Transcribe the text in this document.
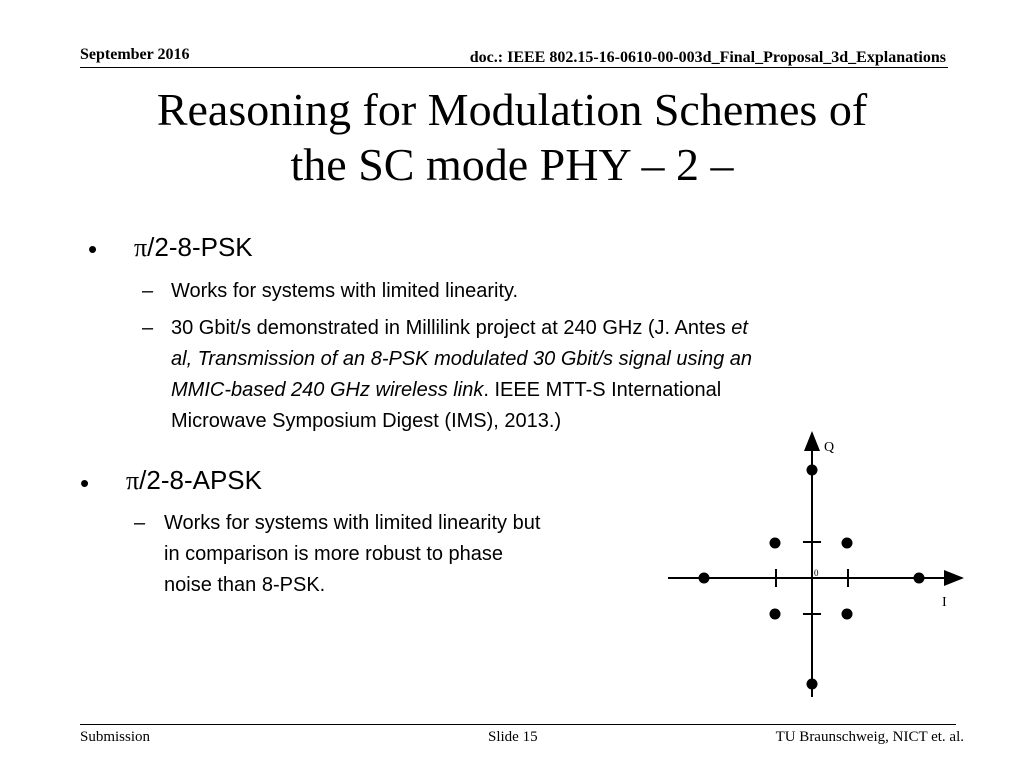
September 2016	doc.: IEEE 802.15-16-0610-00-003d_Final_Proposal_3d_Explanations
Reasoning for Modulation Schemes of
the SC mode PHY – 2 –
• π/2-8-PSK
– Works for systems with limited linearity.
– 30 Gbit/s demonstrated in Millilink project at 240 GHz (J. Antes et
al, Transmission of an 8-PSK modulated 30 Gbit/s signal using an
MMIC-based 240 GHz wireless link. IEEE MTT-S International
Microwave Symposium Digest (IMS), 2013.)
• π/2-8-APSK
– Works for systems with limited linearity but
in comparison is more robust to phase
noise than 8-PSK.
Q
I
0
Submission	Slide 15	TU Braunschweig, NICT et. al.
